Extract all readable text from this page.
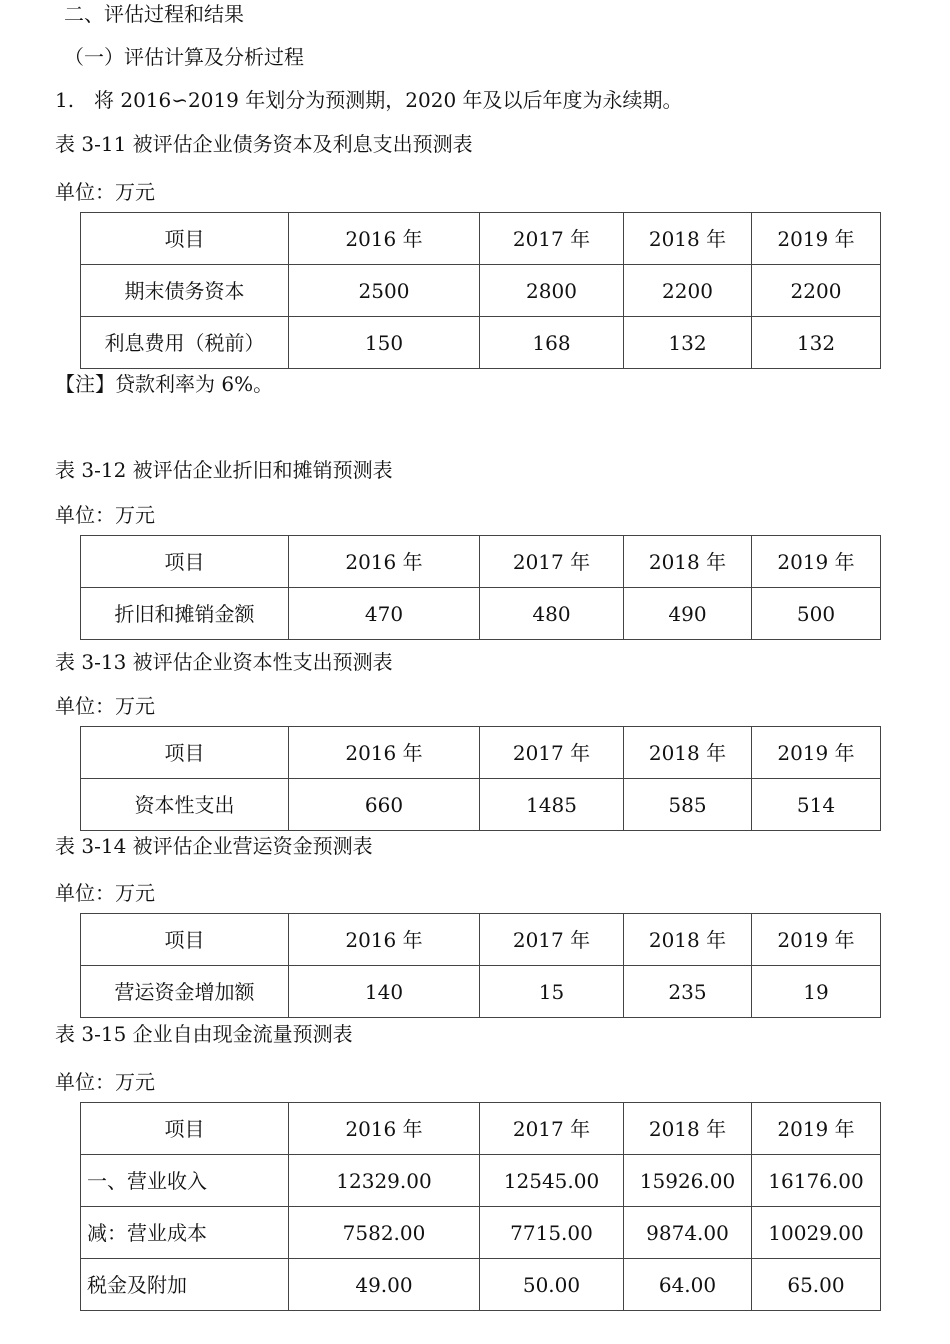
二、评估过程和结果
（一）评估计算及分析过程
1. 将 2016∽2019 年划分为预测期，2020 年及以后年度为永续期。
表 3-11 被评估企业债务资本及利息支出预测表
单位：万元
项目	2016 年	2017 年	2018 年	2019 年
期末债务资本	2500	2800	2200	2200
利息费用（税前）	150	168	132	132
【注】贷款利率为 6%。
表 3-12 被评估企业折旧和摊销预测表
单位：万元
项目	2016 年	2017 年	2018 年	2019 年
折旧和摊销金额	470	480	490	500
表 3-13 被评估企业资本性支出预测表
单位：万元
项目	2016 年	2017 年	2018 年	2019 年
资本性支出	660	1485	585	514
表 3-14 被评估企业营运资金预测表
单位：万元
项目	2016 年	2017 年	2018 年	2019 年
营运资金增加额	140	15	235	19
表 3-15 企业自由现金流量预测表
单位：万元
项目	2016 年	2017 年	2018 年	2019 年
一、营业收入	12329.00	12545.00	15926.00	16176.00
减：营业成本	7582.00	7715.00	9874.00	10029.00
税金及附加	49.00	50.00	64.00	65.00
